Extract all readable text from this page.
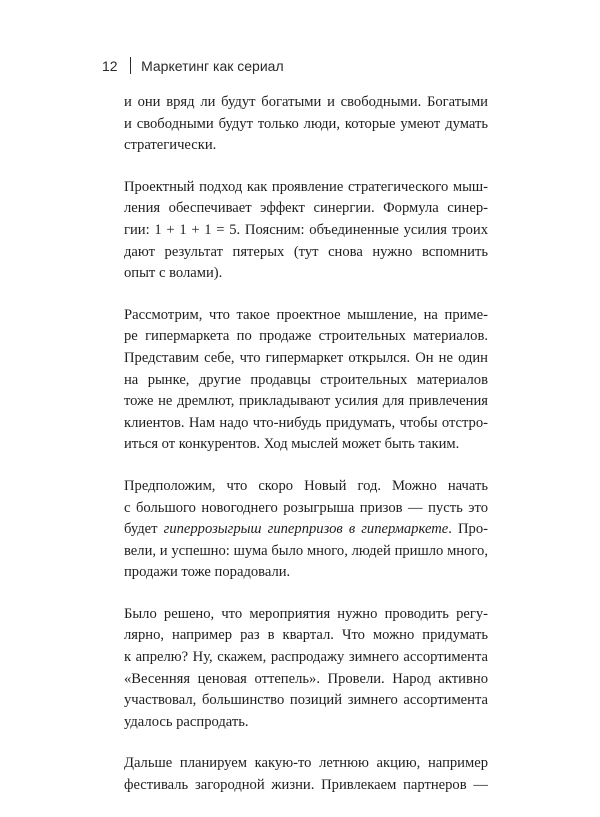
12 Маркетинг как сериал

и они вряд ли будут богатыми и свободными. Богатыми
и свободными будут только люди, которые умеют думать
стратегически.

Проектный подход как проявление стратегического мыш-
ления обеспечивает эффект синергии. Формула синер-
гии: 1 + 1 + 1 = 5. Поясним: объединенные усилия троих
дают результат пятерых (тут снова нужно вспомнить
опыт с волами).

Рассмотрим, что такое проектное мышление, на приме-
ре гипермаркета по продаже строительных материалов.
Представим себе, что гипермаркет открылся. Он не один
на рынке, другие продавцы строительных материалов
тоже не дремлют, прикладывают усилия для привлечения
клиентов. Нам надо что-нибудь придумать, чтобы отстро-
иться от конкурентов. Ход мыслей может быть таким.

Предположим, что скоро Новый год. Можно начать
с большого новогоднего розыгрыша призов — пусть это
будет гиперрозыгрыш гиперпризов в гипермаркете. Про-
вели, и успешно: шума было много, людей пришло много,
продажи тоже порадовали.

Было решено, что мероприятия нужно проводить регу-
лярно, например раз в квартал. Что можно придумать
к апрелю? Ну, скажем, распродажу зимнего ассортимента
«Весенняя ценовая оттепель». Провели. Народ активно
участвовал, большинство позиций зимнего ассортимента
удалось распродать.

Дальше планируем какую-то летнюю акцию, например
фестиваль загородной жизни. Привлекаем партнеров —
